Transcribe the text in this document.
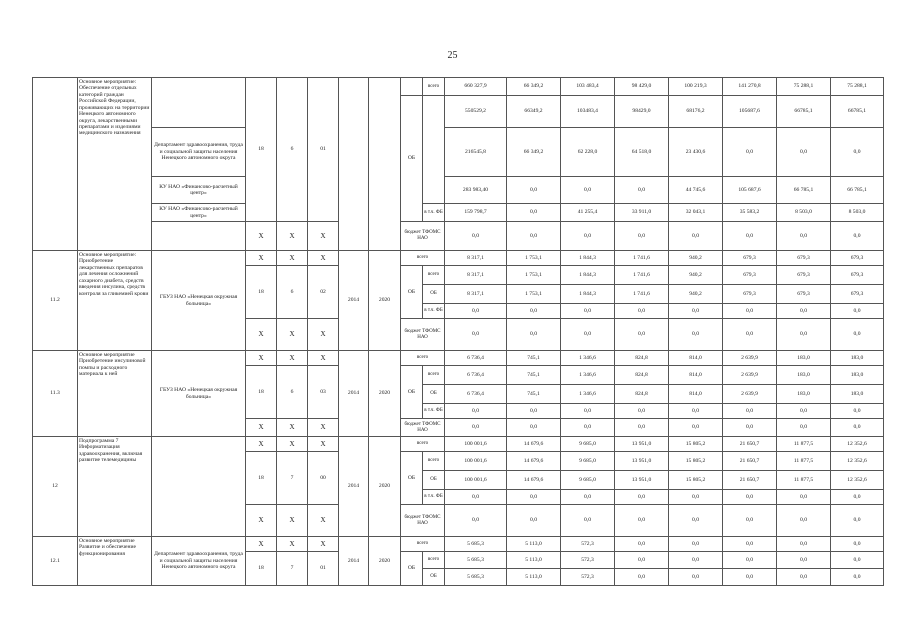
25
	Основное мероприятие: Обеспечение отдельных категорий граждан Российской Федерации, проживающих на территории Ненецкого автономного округа, лекарственными препаратами и изделиями медицинского назначения		18	6	01				всего	660 327,9	66 349,2	103 483,4	98 429,0	100 219,3	141 270,8	75 288,1	75 288,1
								ОБ		550529,2	66349,2	103483,4	98429,0	68176,2	105687,6	66785,1	66785,1
		Департамент здравоохранения, труда и социальной защиты населения Ненецкого автономного округа								216545,8	66 349,2	62 228,0	64 518,0	23 430,6	0,0	0,0	0,0
		КУ НАО «Финансово-расчетный центр»								283 983,40	0,0	0,0	0,0	44 745,6	105 687,6	66 785,1	66 785,1
		КУ НАО «Финансово-расчетный центр»							в т.ч. ФБ	159 798,7	0,0	41 255,4	33 911,0	32 043,1	35 583,2	8 503,0	8 503,0
			X	X	X			бюджет ТФОМС НАО		0,0	0,0	0,0	0,0	0,0	0,0	0,0	0,0
11.2	Основное мероприятие: Приобретение лекарственных препаратов для лечения осложнений сахарного диабета, средств введения инсулина, средств контроля за гликемией крови	ГБУЗ НАО «Ненецкая окружная больница»	X	X	X	2014	2020	всего		8 317,1	1 753,1	1 844,3	1 741,6	940,2	679,3	679,3	679,3
			18	6	02			ОБ	всего	8 317,1	1 753,1	1 844,3	1 741,6	940,2	679,3	679,3	679,3
									ОБ	8 317,1	1 753,1	1 844,3	1 741,6	940,2	679,3	679,3	679,3
									в т.ч. ФБ	0,0	0,0	0,0	0,0	0,0	0,0	0,0	0,0
			X	X	X			бюджет ТФОМС НАО		0,0	0,0	0,0	0,0	0,0	0,0	0,0	0,0
11.3	Основное мероприятие Приобретение инсулиновой помпы и расходного материала к ней	ГБУЗ НАО «Ненецкая окружная больница»	X	X	X	2014	2020	всего		6 736,4	745,1	1 346,6	824,8	814,0	2 639,9	183,0	183,0
			18	6	03			ОБ	всего	6 736,4	745,1	1 346,6	824,8	814,0	2 639,9	183,0	183,0
									ОБ	6 736,4	745,1	1 346,6	824,8	814,0	2 639,9	183,0	183,0
									в т.ч. ФБ	0,0	0,0	0,0	0,0	0,0	0,0	0,0	0,0
			X	X	X			бюджет ТФОМС НАО		0,0	0,0	0,0	0,0	0,0	0,0	0,0	0,0
12	Подпрограмма 7 Информатизация здравоохранения, включая развитие телемедицины		X	X	X	2014	2020	всего		100 001,6	14 679,6	9 685,0	13 951,0	15 805,2	21 650,7	11 877,5	12 352,6
			18	7	00			ОБ	всего	100 001,6	14 679,6	9 685,0	13 951,0	15 805,2	21 650,7	11 877,5	12 352,6
									ОБ	100 001,6	14 679,6	9 685,0	13 951,0	15 805,2	21 650,7	11 877,5	12 352,6
									в т.ч. ФБ	0,0	0,0	0,0	0,0	0,0	0,0	0,0	0,0
			X	X	X			бюджет ТФОМС НАО		0,0	0,0	0,0	0,0	0,0	0,0	0,0	0,0
12.1	Основное мероприятие Развитие и обеспечение функционирования	Департамент здравоохранения, труда и социальной защиты населения Ненецкого автономного округа	X	X	X	2014	2020	всего		5 685,3	5 113,0	572,3	0,0	0,0	0,0	0,0	0,0
			18	7	01			ОБ	всего	5 685,3	5 113,0	572,3	0,0	0,0	0,0	0,0	0,0
									ОБ	5 685,3	5 113,0	572,3	0,0	0,0	0,0	0,0	0,0
